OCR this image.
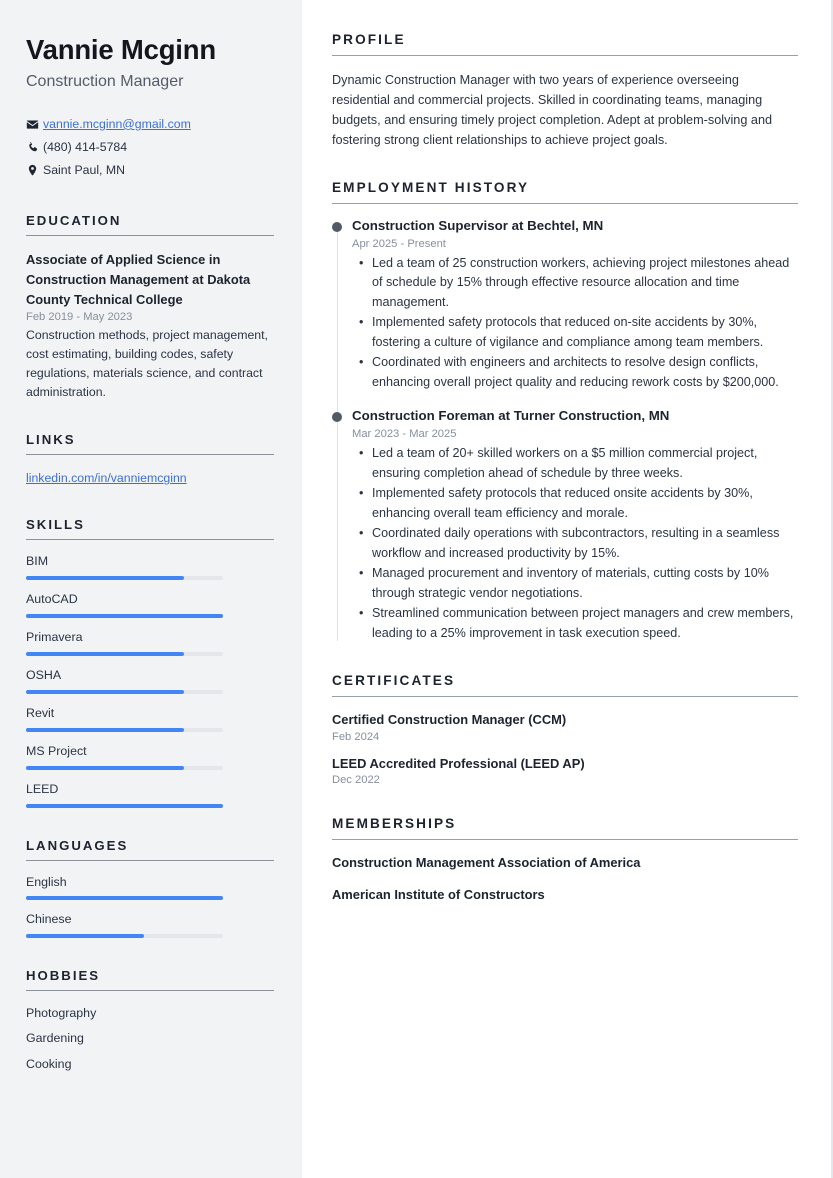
Vannie Mcginn
Construction Manager
vannie.mcginn@gmail.com
(480) 414-5784
Saint Paul, MN
EDUCATION
Associate of Applied Science in Construction Management at Dakota County Technical College
Feb 2019 - May 2023
Construction methods, project management, cost estimating, building codes, safety regulations, materials science, and contract administration.
LINKS
linkedin.com/in/vanniemcginn
SKILLS
BIM
AutoCAD
Primavera
OSHA
Revit
MS Project
LEED
LANGUAGES
English
Chinese
HOBBIES
Photography
Gardening
Cooking
PROFILE

Dynamic Construction Manager with two years of experience overseeing residential and commercial projects. Skilled in coordinating teams, managing budgets, and ensuring timely project completion. Adept at problem-solving and fostering strong client relationships to achieve project goals.

EMPLOYMENT HISTORY
Construction Supervisor at Bechtel, MN
Apr 2025 - Present
• Led a team of 25 construction workers, achieving project milestones ahead of schedule by 15% through effective resource allocation and time management.
• Implemented safety protocols that reduced on-site accidents by 30%, fostering a culture of vigilance and compliance among team members.
• Coordinated with engineers and architects to resolve design conflicts, enhancing overall project quality and reducing rework costs by $200,000.
Construction Foreman at Turner Construction, MN
Mar 2023 - Mar 2025
• Led a team of 20+ skilled workers on a $5 million commercial project, ensuring completion ahead of schedule by three weeks.
• Implemented safety protocols that reduced onsite accidents by 30%, enhancing overall team efficiency and morale.
• Coordinated daily operations with subcontractors, resulting in a seamless workflow and increased productivity by 15%.
• Managed procurement and inventory of materials, cutting costs by 10% through strategic vendor negotiations.
• Streamlined communication between project managers and crew members, leading to a 25% improvement in task execution speed.
CERTIFICATES
Certified Construction Manager (CCM)
Feb 2024
LEED Accredited Professional (LEED AP)
Dec 2022
MEMBERSHIPS
Construction Management Association of America
American Institute of Constructors
